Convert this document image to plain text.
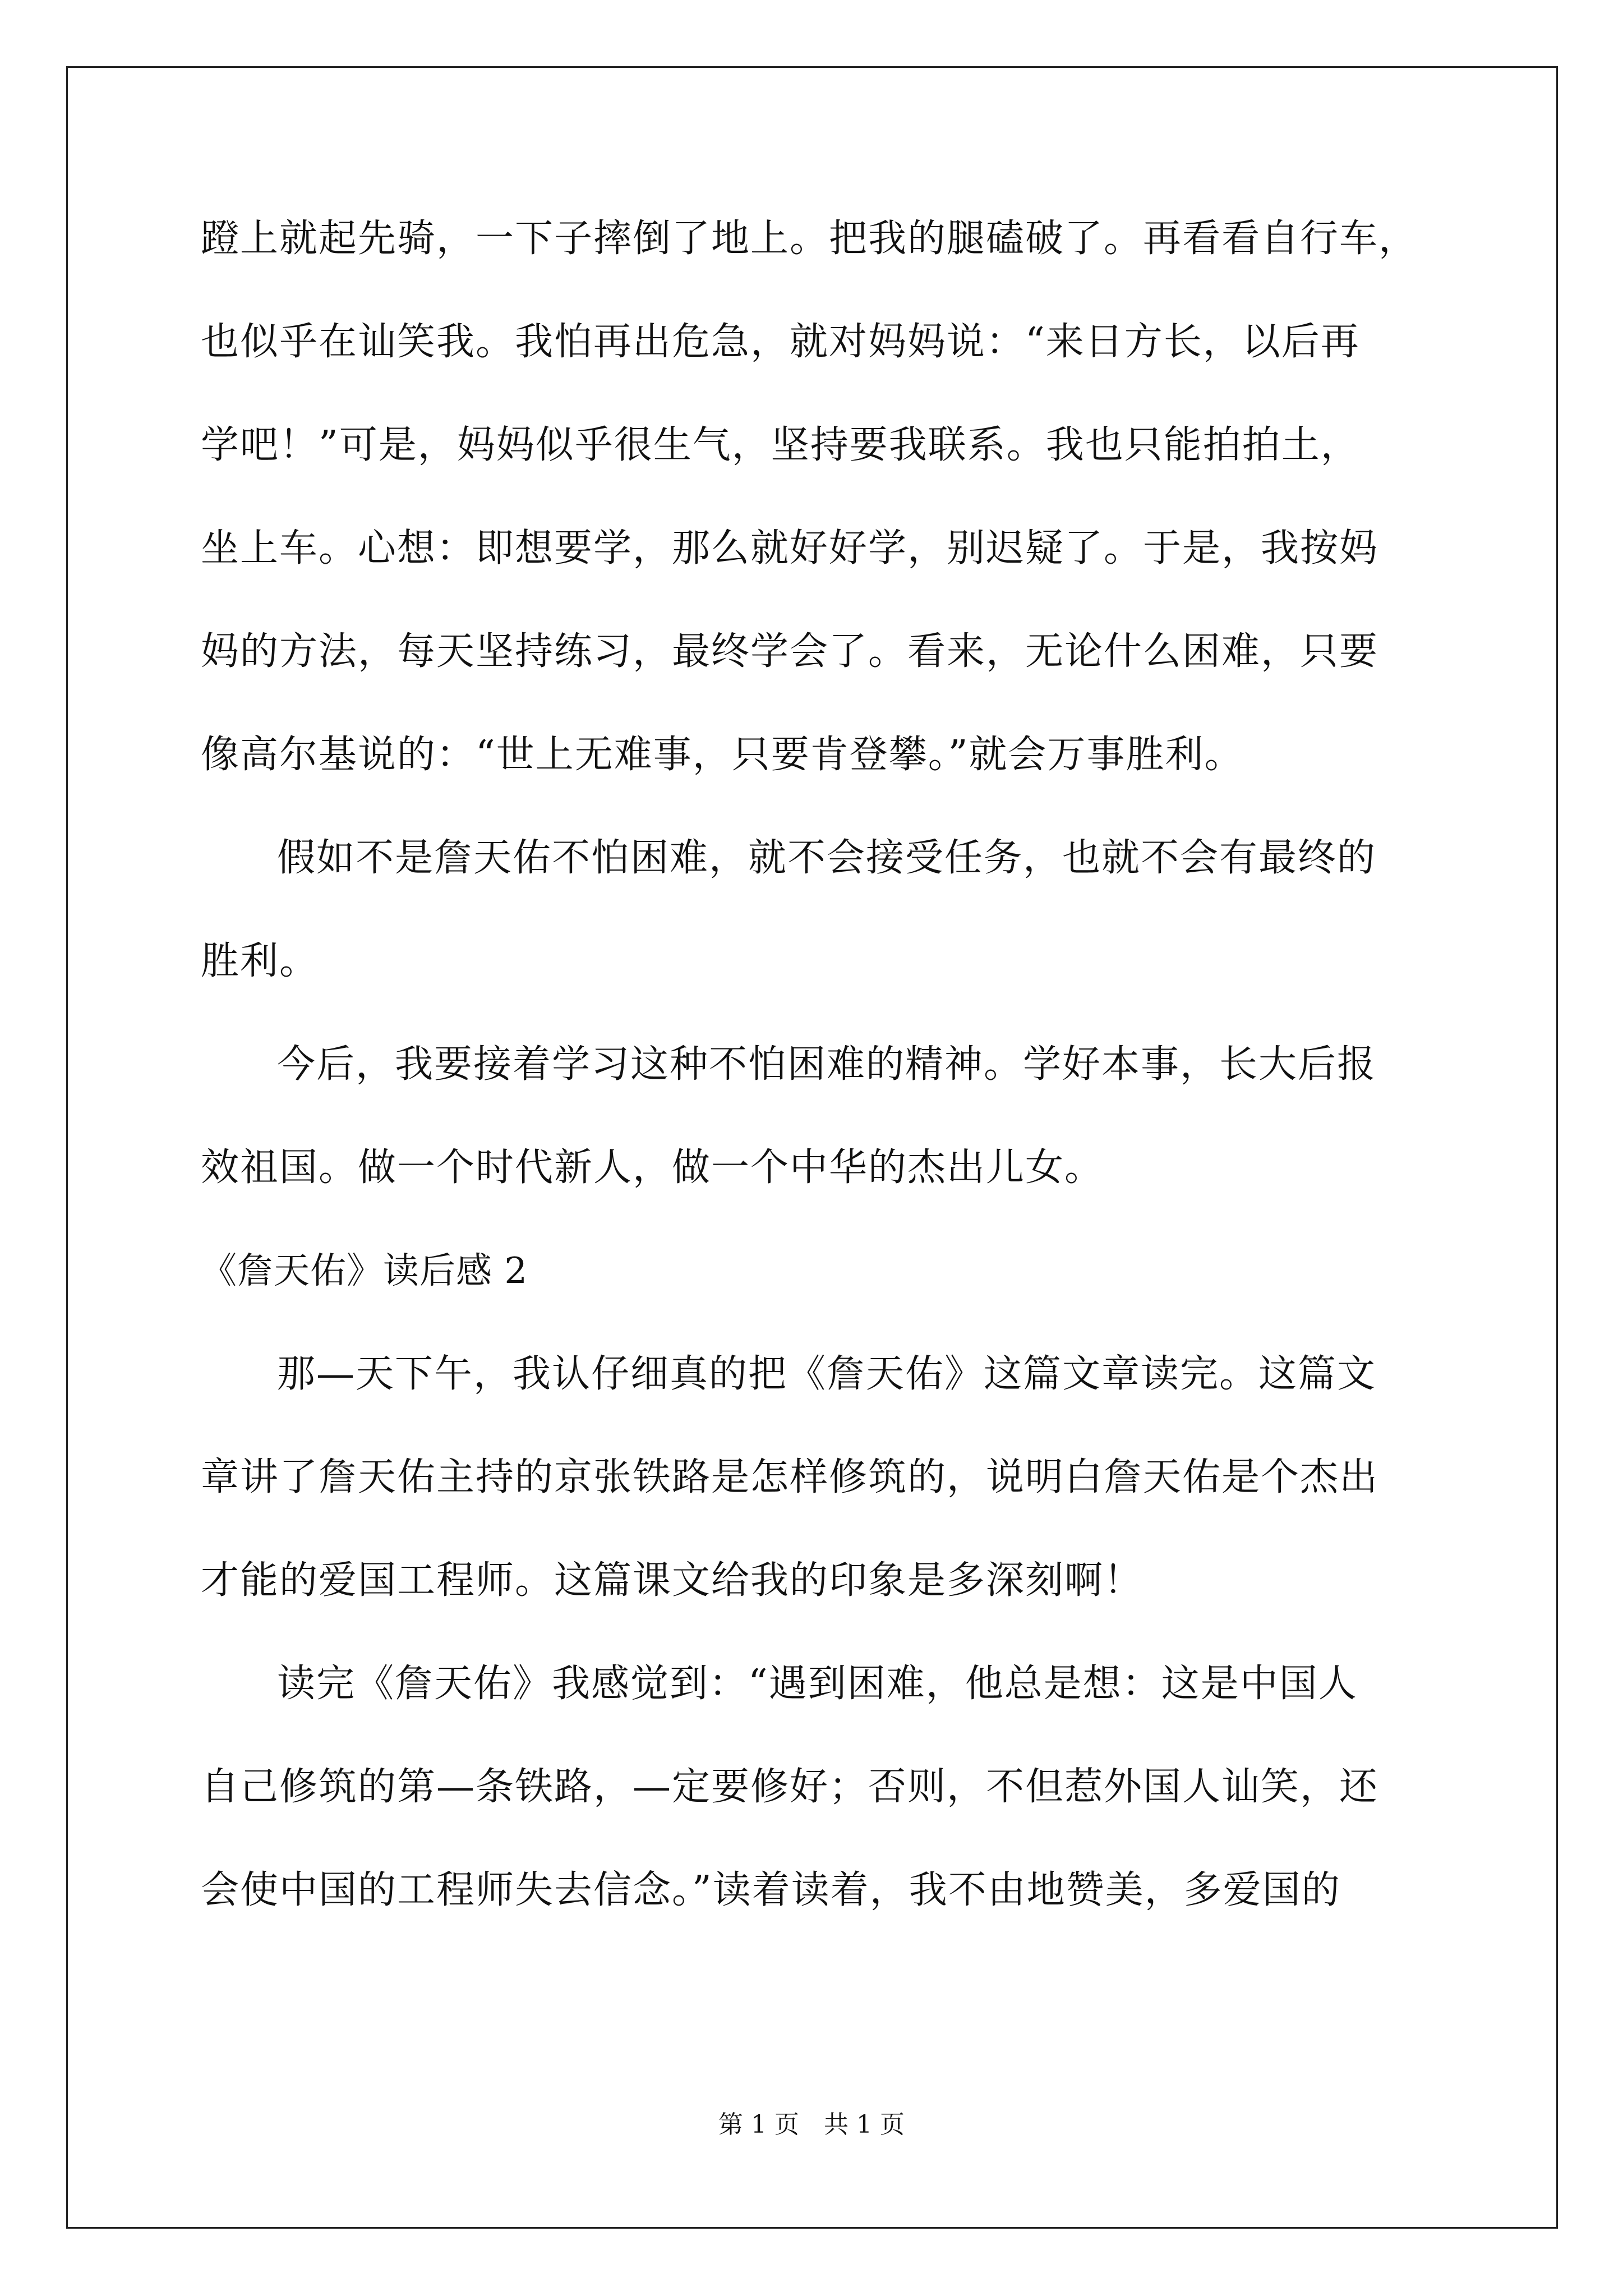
蹬上就起先骑，一下子摔倒了地上。把我的腿磕破了。再看看自行车，
也似乎在讪笑我。我怕再出危急，就对妈妈说：“来日方长，以后再
学吧！”可是，妈妈似乎很生气，坚持要我联系。我也只能拍拍土，
坐上车。心想：即想要学，那么就好好学，别迟疑了。于是，我按妈
妈的方法，每天坚持练习，最终学会了。看来，无论什么困难，只要
像高尔基说的：“世上无难事，只要肯登攀。”就会万事胜利。
假如不是詹天佑不怕困难，就不会接受任务，也就不会有最终的
胜利。
今后，我要接着学习这种不怕困难的精神。学好本事，长大后报
效祖国。做一个时代新人，做一个中华的杰出儿女。
《詹天佑》读后感 2
那—天下午，我认仔细真的把《詹天佑》这篇文章读完。这篇文
章讲了詹天佑主持的京张铁路是怎样修筑的，说明白詹天佑是个杰出
才能的爱国工程师。这篇课文给我的印象是多深刻啊！
读完《詹天佑》我感觉到：“遇到困难，他总是想：这是中国人
自己修筑的第—条铁路，—定要修好；否则，不但惹外国人讪笑，还
会使中国的工程师失去信念。”读着读着，我不由地赞美，多爱国的
第 1 页　共 1 页
